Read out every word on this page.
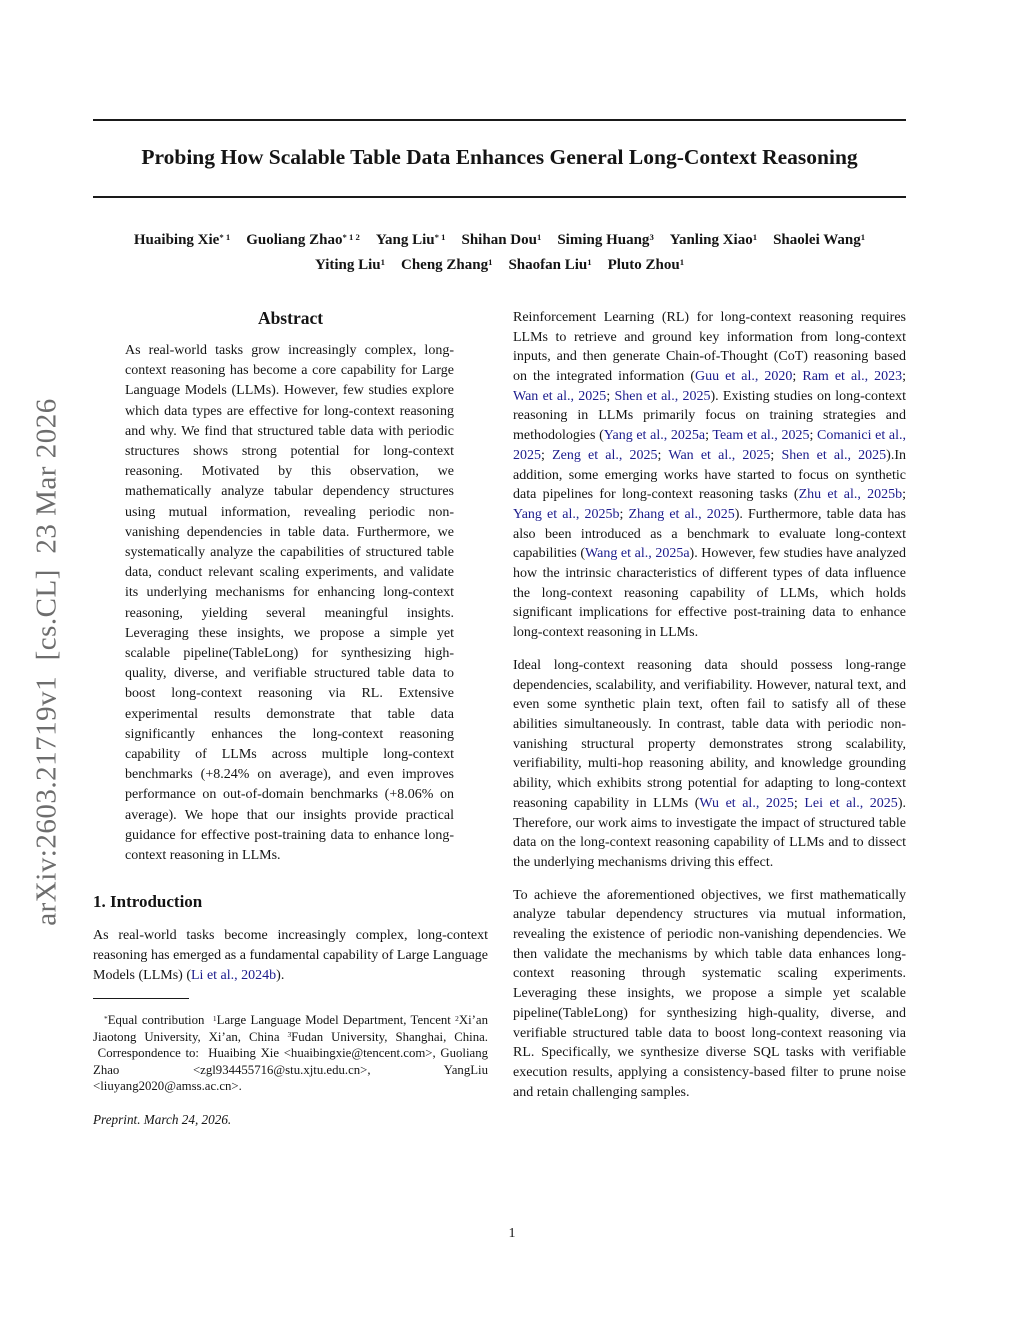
arXiv:2603.21719v1  [cs.CL]  23 Mar 2026
Probing How Scalable Table Data Enhances General Long-Context Reasoning
Huaibing Xie$^{* 1}$ Guoliang Zhao$^{* 1 2}$ Yang Liu$^{* 1}$ Shihan Dou$^1$ Siming Huang$^3$ Yanling Xiao$^1$ Shaolei Wang$^1$
Yiting Liu$^1$ Cheng Zhang$^1$ Shaofan Liu$^1$ Pluto Zhou$^1$
Abstract

As real-world tasks grow increasingly complex, long-context reasoning has become a core capability for Large Language Models (LLMs). However, few studies explore which data types are effective for long-context reasoning and why. We find that structured table data with periodic structures shows strong potential for long-context reasoning. Motivated by this observation, we mathematically analyze tabular dependency structures using mutual information, revealing periodic non-vanishing dependencies in table data. Furthermore, we systematically analyze the capabilities of structured table data, conduct relevant scaling experiments, and validate its underlying mechanisms for enhancing long-context reasoning, yielding several meaningful insights. Leveraging these insights, we propose a simple yet scalable pipeline(TableLong) for synthesizing high-quality, diverse, and verifiable structured table data to boost long-context reasoning via RL. Extensive experimental results demonstrate that table data significantly enhances the long-context reasoning capability of LLMs across multiple long-context benchmarks (+8.24% on average), and even improves performance on out-of-domain benchmarks (+8.06% on average). We hope that our insights provide practical guidance for effective post-training data to enhance long-context reasoning in LLMs.

1. Introduction

As real-world tasks become increasingly complex, long-context reasoning has emerged as a fundamental capability of Large Language Models (LLMs) (Li et al., 2024b).

*Equal contribution  $^1$Large Language Model Department, Tencent $^2$Xi’an Jiaotong University, Xi’an, China $^3$Fudan University, Shanghai, China.  Correspondence to:  Huaibing Xie <huaibingxie@tencent.com>, Guoliang Zhao <zgl934455716@stu.xjtu.edu.cn>, YangLiu <liuyang2020@amss.ac.cn>.

Preprint. March 24, 2026.

Reinforcement Learning (RL) for long-context reasoning requires LLMs to retrieve and ground key information from long-context inputs, and then generate Chain-of-Thought (CoT) reasoning based on the integrated information (Guu et al., 2020; Ram et al., 2023; Wan et al., 2025; Shen et al., 2025). Existing studies on long-context reasoning in LLMs primarily focus on training strategies and methodologies (Yang et al., 2025a; Team et al., 2025; Comanici et al., 2025; Zeng et al., 2025; Wan et al., 2025; Shen et al., 2025).In addition, some emerging works have started to focus on synthetic data pipelines for long-context reasoning tasks (Zhu et al., 2025b; Yang et al., 2025b; Zhang et al., 2025). Furthermore, table data has also been introduced as a benchmark to evaluate long-context capabilities (Wang et al., 2025a). However, few studies have analyzed how the intrinsic characteristics of different types of data influence the long-context reasoning capability of LLMs, which holds significant implications for effective post-training data to enhance long-context reasoning in LLMs.

Ideal long-context reasoning data should possess long-range dependencies, scalability, and verifiability. However, natural text, and even some synthetic plain text, often fail to satisfy all of these abilities simultaneously. In contrast, table data with periodic non-vanishing structural property demonstrates strong scalability, verifiability, multi-hop reasoning ability, and knowledge grounding ability, which exhibits strong potential for adapting to long-context reasoning capability in LLMs (Wu et al., 2025; Lei et al., 2025). Therefore, our work aims to investigate the impact of structured table data on the long-context reasoning capability of LLMs and to dissect the underlying mechanisms driving this effect.

To achieve the aforementioned objectives, we first mathematically analyze tabular dependency structures via mutual information, revealing the existence of periodic non-vanishing dependencies. We then validate the mechanisms by which table data enhances long-context reasoning through systematic scaling experiments. Leveraging these insights, we propose a simple yet scalable pipeline(TableLong) for synthesizing high-quality, diverse, and verifiable structured table data to boost long-context reasoning via RL. Specifically, we synthesize diverse SQL tasks with verifiable execution results, applying a consistency-based filter to prune noise and retain challenging samples.

1
